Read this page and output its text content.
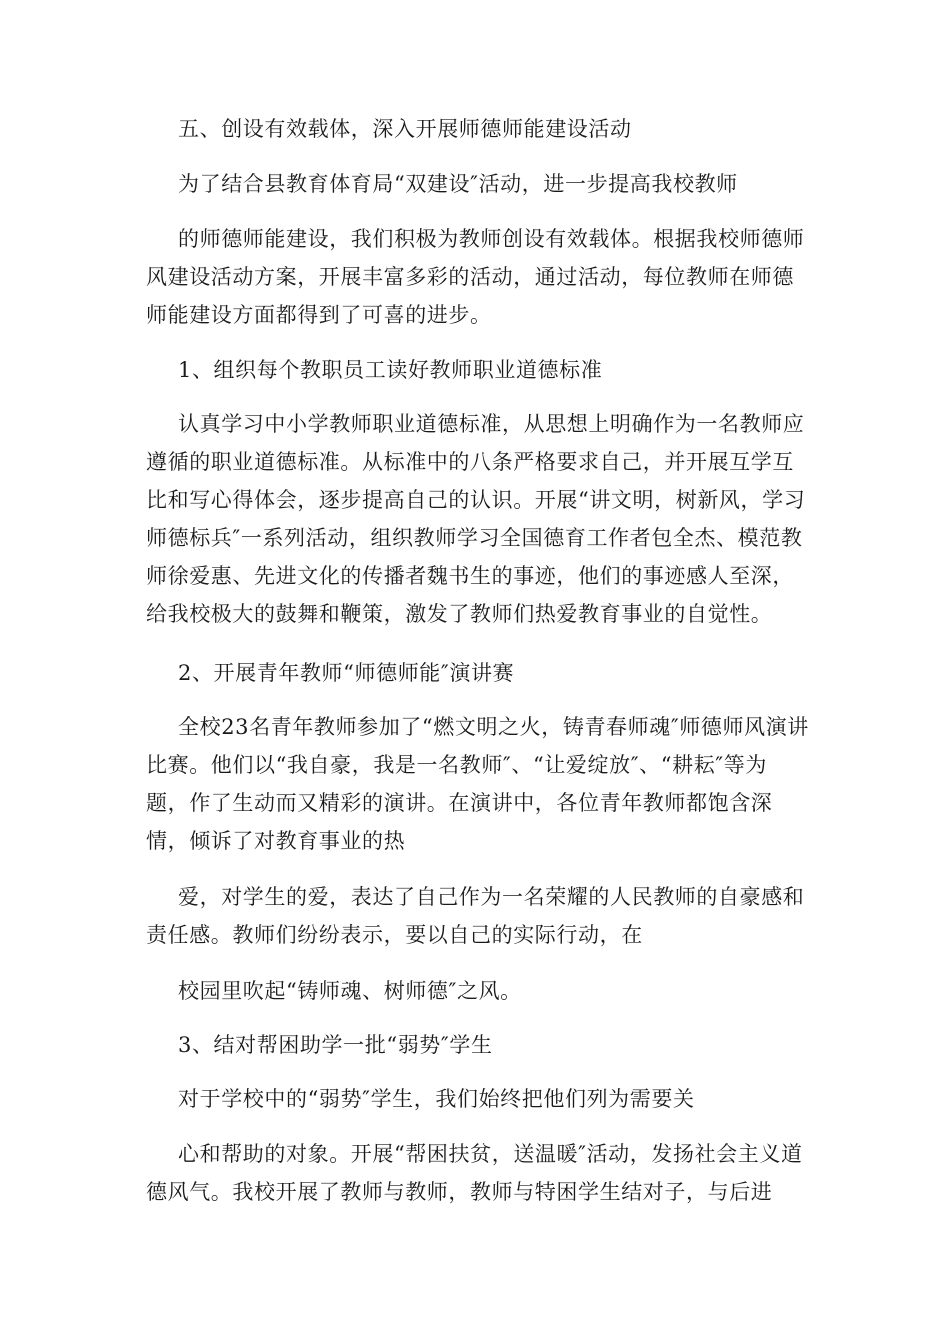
五、创设有效载体，深入开展师德师能建设活动

为了结合县教育体育局“双建设″活动，进一步提高我校教师

的师德师能建设，我们积极为教师创设有效载体。根据我校师德师风建设活动方案，开展丰富多彩的活动，通过活动，每位教师在师德师能建设方面都得到了可喜的进步。

1、组织每个教职员工读好教师职业道德标准

认真学习中小学教师职业道德标准，从思想上明确作为一名教师应遵循的职业道德标准。从标准中的八条严格要求自己，并开展互学互比和写心得体会，逐步提高自己的认识。开展“讲文明，树新风，学习师德标兵″一系列活动，组织教师学习全国德育工作者包全杰、模范教师徐爱惠、先进文化的传播者魏书生的事迹，他们的事迹感人至深，给我校极大的鼓舞和鞭策，激发了教师们热爱教育事业的自觉性。

2、开展青年教师“师德师能″演讲赛

全校23名青年教师参加了“燃文明之火，铸青春师魂″师德师风演讲比赛。他们以“我自豪，我是一名教师″、“让爱绽放″、“耕耘″等为题，作了生动而又精彩的演讲。在演讲中，各位青年教师都饱含深情，倾诉了对教育事业的热

爱，对学生的爱，表达了自己作为一名荣耀的人民教师的自豪感和责任感。教师们纷纷表示，要以自己的实际行动，在

校园里吹起“铸师魂、树师德″之风。

3、结对帮困助学一批“弱势″学生

对于学校中的“弱势″学生，我们始终把他们列为需要关

心和帮助的对象。开展“帮困扶贫，送温暖″活动，发扬社会主义道德风气。我校开展了教师与教师，教师与特困学生结对子，与后进
